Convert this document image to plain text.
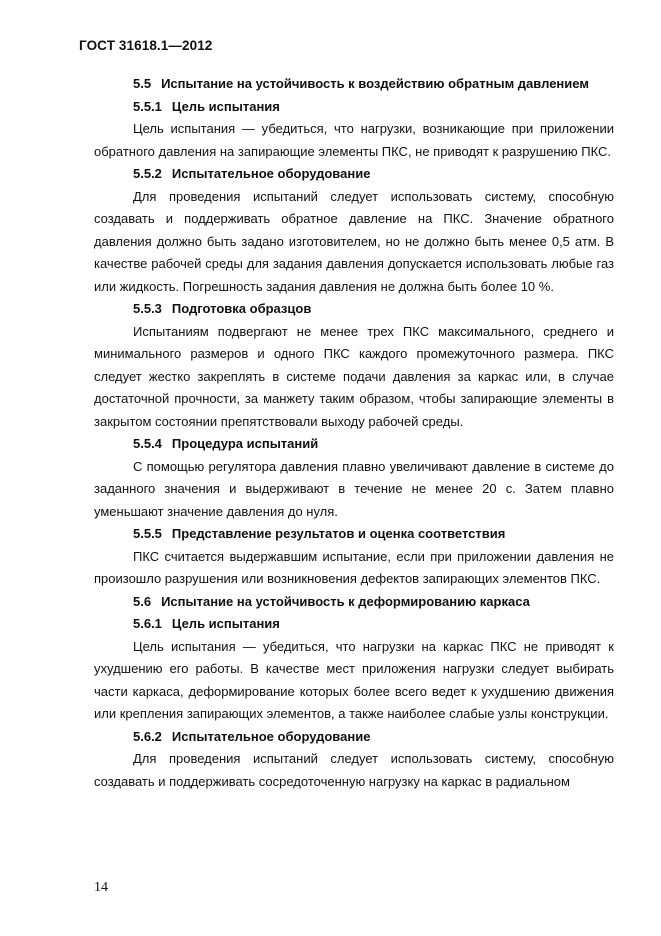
ГОСТ 31618.1—2012
5.5 Испытание на устойчивость к воздействию обратным давлением
5.5.1 Цель испытания

Цель испытания — убедиться, что нагрузки, возникающие при приложении обратного давления на запирающие элементы ПКС, не приводят к разрушению ПКС.

5.5.2 Испытательное оборудование

Для проведения испытаний следует использовать систему, способную создавать и поддерживать обратное давление на ПКС. Значение обратного давления должно быть задано изготовителем, но не должно быть менее 0,5 атм. В качестве рабочей среды для задания давления допускается использовать любые газ или жидкость. Погрешность задания давления не должна быть более 10 %.

5.5.3 Подготовка образцов

Испытаниям подвергают не менее трех ПКС максимального, среднего и минимального размеров и одного ПКС каждого промежуточного размера. ПКС следует жестко закреплять в системе подачи давления за каркас или, в случае достаточной прочности, за манжету таким образом, чтобы запирающие элементы в закрытом состоянии препятствовали выходу рабочей среды.

5.5.4 Процедура испытаний

С помощью регулятора давления плавно увеличивают давление в системе до заданного значения и выдерживают в течение не менее 20 с. Затем плавно уменьшают значение давления до нуля.

5.5.5 Представление результатов и оценка соответствия

ПКС считается выдержавшим испытание, если при приложении давления не произошло разрушения или возникновения дефектов запирающих элементов ПКС.

5.6 Испытание на устойчивость к деформированию каркаса
5.6.1 Цель испытания

Цель испытания — убедиться, что нагрузки на каркас ПКС не приводят к ухудшению его работы. В качестве мест приложения нагрузки следует выбирать части каркаса, деформирование которых более всего ведет к ухудшению движения или крепления запирающих элементов, а также наиболее слабые узлы конструкции.

5.6.2 Испытательное оборудование

Для проведения испытаний следует использовать систему, способную создавать и поддерживать сосредоточенную нагрузку на каркас в радиальном

14
